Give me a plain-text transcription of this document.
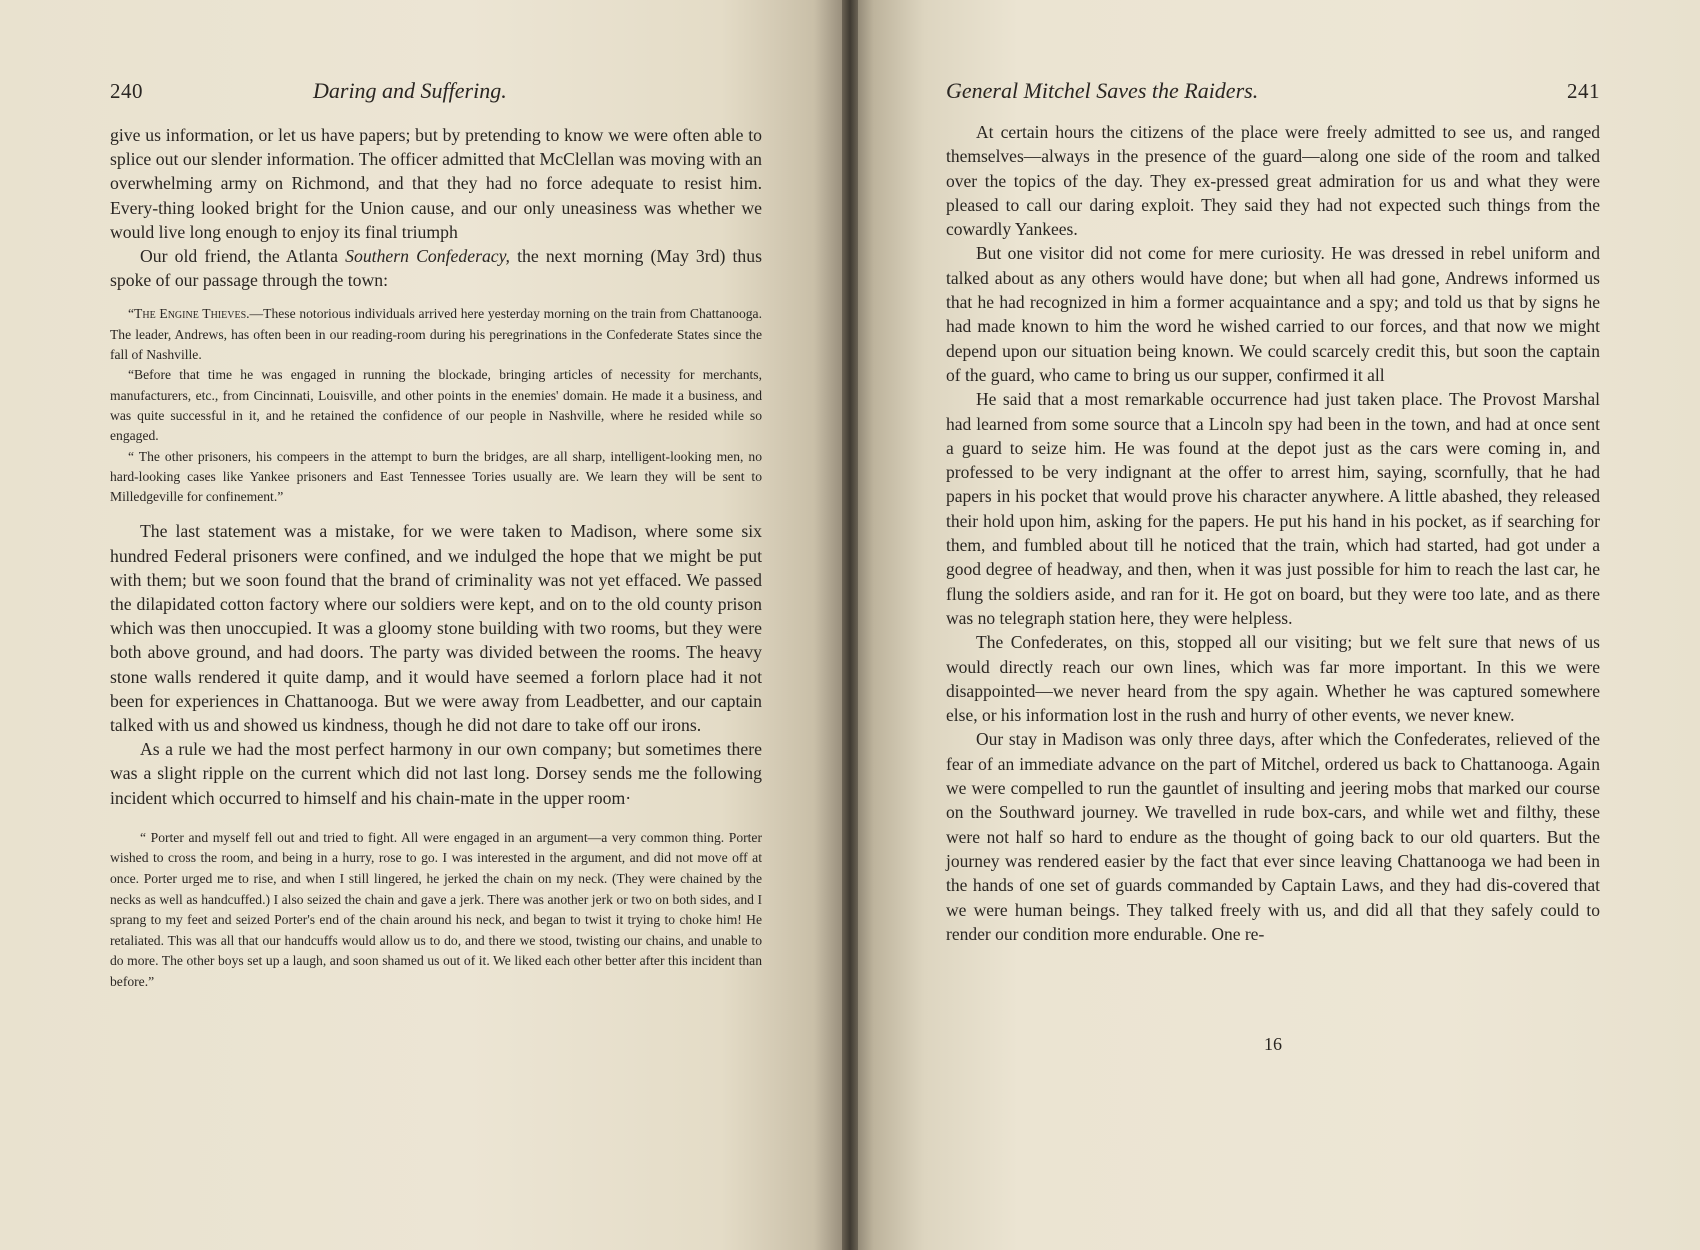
240	Daring and Suffering.

give us information, or let us have papers; but by pretending to know we were often able to splice out our slender information. The officer admitted that McClellan was moving with an overwhelming army on Richmond, and that they had no force adequate to resist him. Every-thing looked bright for the Union cause, and our only uneasiness was whether we would live long enough to enjoy its final triumph

Our old friend, the Atlanta Southern Confederacy, the next morning (May 3rd) thus spoke of our passage through the town:

“The Engine Thieves.—These notorious individuals arrived here yesterday morning on the train from Chattanooga. The leader, Andrews, has often been in our reading-room during his peregrinations in the Confederate States since the fall of Nashville.

“Before that time he was engaged in running the blockade, bringing articles of necessity for merchants, manufacturers, etc., from Cincinnati, Louisville, and other points in the enemies' domain. He made it a business, and was quite successful in it, and he retained the confidence of our people in Nashville, where he resided while so engaged.

“ The other prisoners, his compeers in the attempt to burn the bridges, are all sharp, intelligent-looking men, no hard-looking cases like Yankee prisoners and East Tennessee Tories usually are. We learn they will be sent to Milledgeville for confinement.”

The last statement was a mistake, for we were taken to Madison, where some six hundred Federal prisoners were confined, and we indulged the hope that we might be put with them; but we soon found that the brand of criminality was not yet effaced. We passed the dilapidated cotton factory where our soldiers were kept, and on to the old county prison which was then unoccupied. It was a gloomy stone building with two rooms, but they were both above ground, and had doors. The party was divided between the rooms. The heavy stone walls rendered it quite damp, and it would have seemed a forlorn place had it not been for experiences in Chattanooga. But we were away from Leadbetter, and our captain talked with us and showed us kindness, though he did not dare to take off our irons.

As a rule we had the most perfect harmony in our own company; but sometimes there was a slight ripple on the current which did not last long. Dorsey sends me the following incident which occurred to himself and his chain-mate in the upper room·

“ Porter and myself fell out and tried to fight. All were engaged in an argument—a very common thing. Porter wished to cross the room, and being in a hurry, rose to go. I was interested in the argument, and did not move off at once. Porter urged me to rise, and when I still lingered, he jerked the chain on my neck. (They were chained by the necks as well as handcuffed.) I also seized the chain and gave a jerk. There was another jerk or two on both sides, and I sprang to my feet and seized Porter's end of the chain around his neck, and began to twist it trying to choke him! He retaliated. This was all that our handcuffs would allow us to do, and there we stood, twisting our chains, and unable to do more. The other boys set up a laugh, and soon shamed us out of it. We liked each other better after this incident than before.”

General Mitchel Saves the Raiders.	241

At certain hours the citizens of the place were freely admitted to see us, and ranged themselves—always in the presence of the guard—along one side of the room and talked over the topics of the day. They ex-pressed great admiration for us and what they were pleased to call our daring exploit. They said they had not expected such things from the cowardly Yankees.

But one visitor did not come for mere curiosity. He was dressed in rebel uniform and talked about as any others would have done; but when all had gone, Andrews informed us that he had recognized in him a former acquaintance and a spy; and told us that by signs he had made known to him the word he wished carried to our forces, and that now we might depend upon our situation being known. We could scarcely credit this, but soon the captain of the guard, who came to bring us our supper, confirmed it all

He said that a most remarkable occurrence had just taken place. The Provost Marshal had learned from some source that a Lincoln spy had been in the town, and had at once sent a guard to seize him. He was found at the depot just as the cars were coming in, and professed to be very indignant at the offer to arrest him, saying, scornfully, that he had papers in his pocket that would prove his character anywhere. A little abashed, they released their hold upon him, asking for the papers. He put his hand in his pocket, as if searching for them, and fumbled about till he noticed that the train, which had started, had got under a good degree of headway, and then, when it was just possible for him to reach the last car, he flung the soldiers aside, and ran for it. He got on board, but they were too late, and as there was no telegraph station here, they were helpless.

The Confederates, on this, stopped all our visiting; but we felt sure that news of us would directly reach our own lines, which was far more important. In this we were disappointed—we never heard from the spy again. Whether he was captured somewhere else, or his information lost in the rush and hurry of other events, we never knew.

Our stay in Madison was only three days, after which the Confederates, relieved of the fear of an immediate advance on the part of Mitchel, ordered us back to Chattanooga. Again we were compelled to run the gauntlet of insulting and jeering mobs that marked our course on the Southward journey. We travelled in rude box-cars, and while wet and filthy, these were not half so hard to endure as the thought of going back to our old quarters. But the journey was rendered easier by the fact that ever since leaving Chattanooga we had been in the hands of one set of guards commanded by Captain Laws, and they had dis-covered that we were human beings. They talked freely with us, and did all that they safely could to render our condition more endurable. One re-

16
